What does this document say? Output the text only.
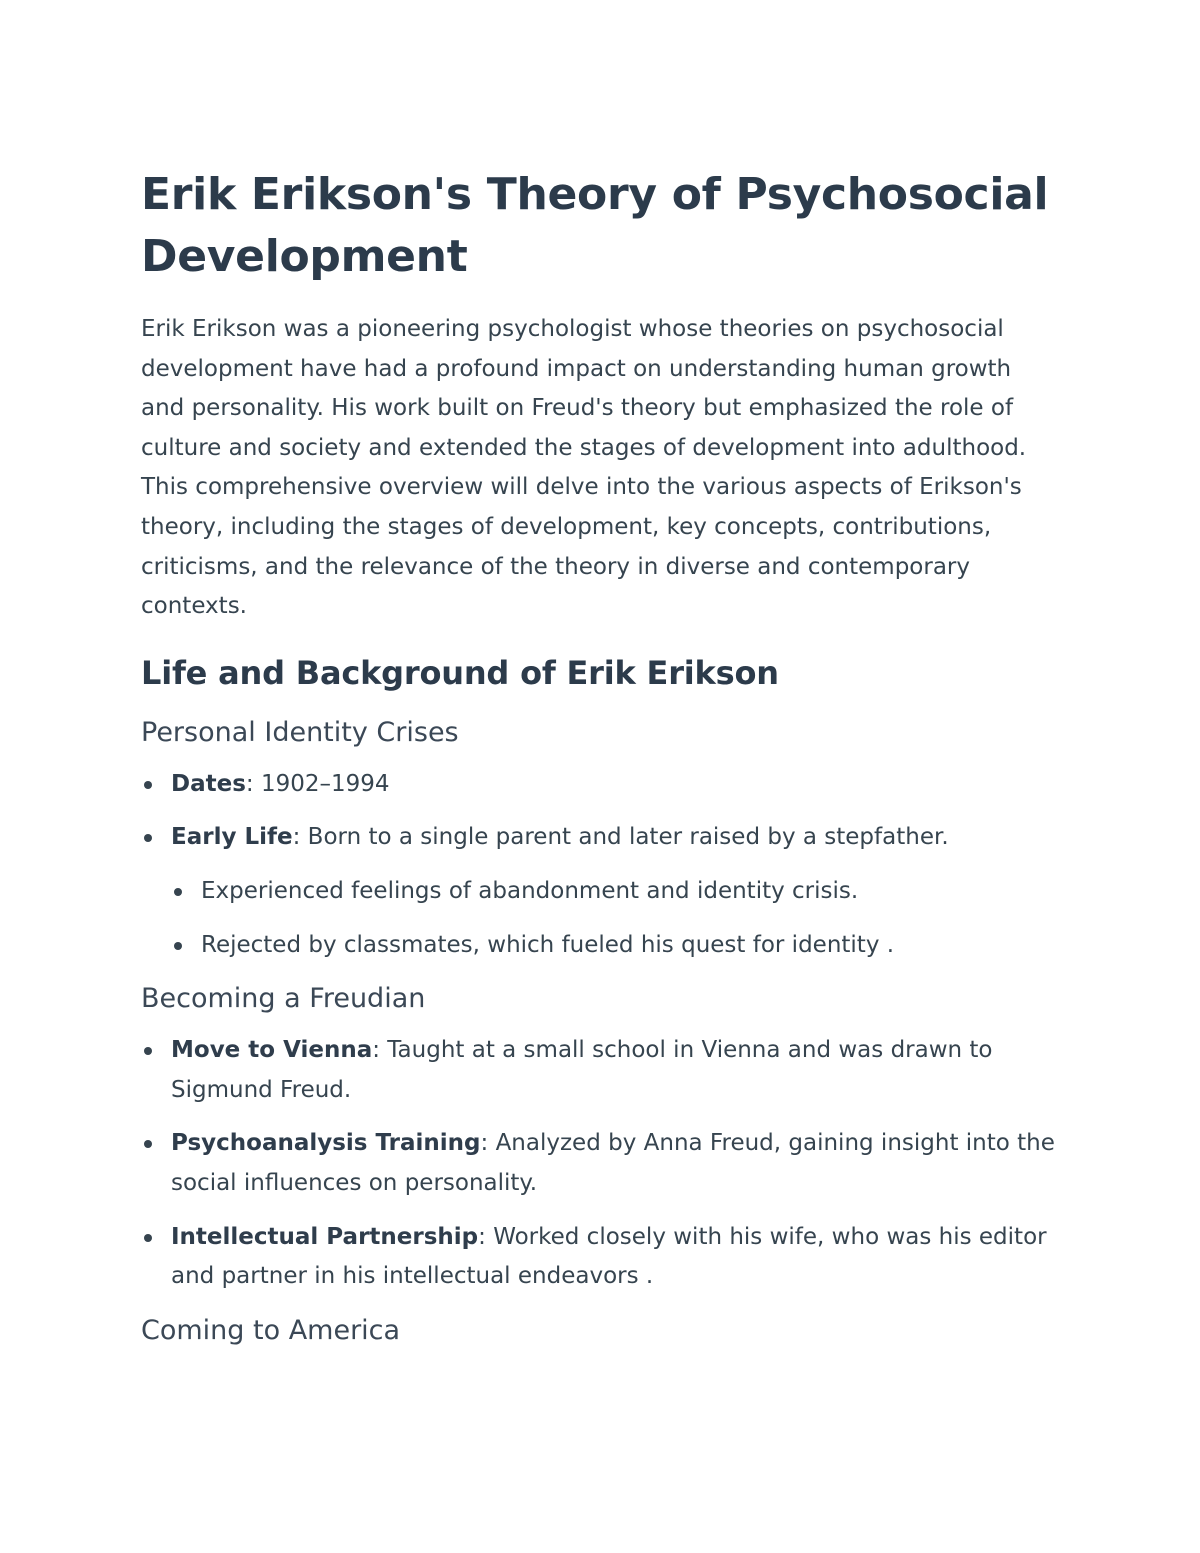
Erik Erikson's Theory of Psychosocial Development

Erik Erikson was a pioneering psychologist whose theories on psychosocial development have had a profound impact on understanding human growth and personality. His work built on Freud's theory but emphasized the role of culture and society and extended the stages of development into adulthood. This comprehensive overview will delve into the various aspects of Erikson's theory, including the stages of development, key concepts, contributions, criticisms, and the relevance of the theory in diverse and contemporary contexts.

Life and Background of Erik Erikson
Personal Identity Crises
Dates: 1902–1994
Early Life: Born to a single parent and later raised by a stepfather.
Experienced feelings of abandonment and identity crisis.
Rejected by classmates, which fueled his quest for identity .
Becoming a Freudian
Move to Vienna: Taught at a small school in Vienna and was drawn to Sigmund Freud.
Psychoanalysis Training: Analyzed by Anna Freud, gaining insight into the social influences on personality.
Intellectual Partnership: Worked closely with his wife, who was his editor and partner in his intellectual endeavors .
Coming to America
